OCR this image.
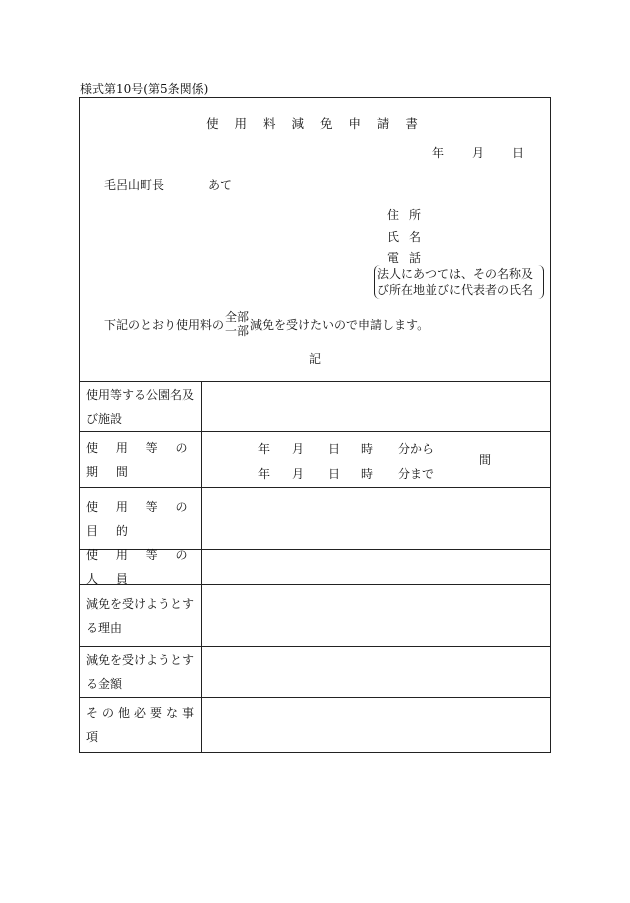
様式第10号(第5条関係)
使 用 料 減 免 申 請 書
年 月 日
毛呂山町長	あて
住所
氏名
電話
法人にあつては、その名称及
び所在地並びに代表者の氏名
下記のとおり使用料の
全部
一部 減免を受けたいので申請します。
記
使用等する公園名及
び施設
使 用 等 の 期 間
年 月 日 時 分から
年 月 日 時 分まで
間
使 用 等 の 目 的
使 用 等 の 人 員
減免を受けようとす
る理由
減免を受けようとす
る金額
その他必要な事項
